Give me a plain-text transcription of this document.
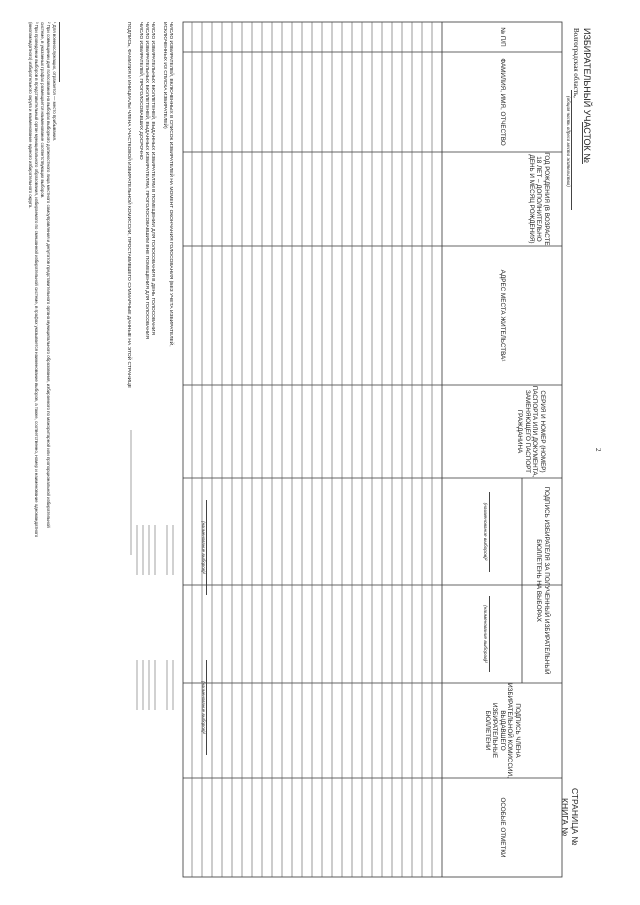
2
ИЗБИРАТЕЛЬНЫЙ УЧАСТОК №
Волгоградская область,
(общая часть адреса места жительства)
СТРАНИЦА №
КНИГА №
№ П/П
ФАМИЛИЯ, ИМЯ, ОТЧЕСТВО
ГОД РОЖДЕНИЯ (В ВОЗРАСТЕ 18 ЛЕТ – ДОПОЛНИТЕЛЬНО ДЕНЬ И МЕСЯЦ РОЖДЕНИЯ)
АДРЕС МЕСТА ЖИТЕЛЬСТВА¹
СЕРИЯ И НОМЕР (НОМЕР) ПАСПОРТА ИЛИ ДОКУМЕНТА, ЗАМЕНЯЮЩЕГО ПАСПОРТ ГРАЖДАНИНА
ПОДПИСЬ ИЗБИРАТЕЛЯ ЗА ПОЛУЧЕННЫЙ ИЗБИРАТЕЛЬНЫЙ БЮЛЛЕТЕНЬ НА ВЫБОРАХ
(наименование выборов)²
(наименование выборов)²
ПОДПИСЬ ЧЛЕНА ИЗБИРАТЕЛЬНОЙ КОМИССИИ, ВЫДАВШЕГО ИЗБИРАТЕЛЬНЫЕ БЮЛЛЕТЕНИ
ОСОБЫЕ ОТМЕТКИ
ЧИСЛО ИЗБИРАТЕЛЕЙ, ВКЛЮЧЕННЫХ В СПИСОК ИЗБИРАТЕЛЕЙ НА МОМЕНТ ОКОНЧАНИЯ ГОЛОСОВАНИЯ (БЕЗ УЧЕТА ИЗБИРАТЕЛЕЙ,
ИСКЛЮЧЕННЫХ ИЗ СПИСКА ИЗБИРАТЕЛЕЙ)
ЧИСЛО ИЗБИРАТЕЛЬНЫХ БЮЛЛЕТЕНЕЙ, ВЫДАННЫХ ИЗБИРАТЕЛЯМ В ПОМЕЩЕНИИ ДЛЯ ГОЛОСОВАНИЯ В ДЕНЬ ГОЛОСОВАНИЯ
ЧИСЛО ИЗБИРАТЕЛЬНЫХ БЮЛЛЕТЕНЕЙ, ВЫДАННЫХ ИЗБИРАТЕЛЯМ, ПРОГОЛОСОВАВШИМ ВНЕ ПОМЕЩЕНИЯ ДЛЯ ГОЛОСОВАНИЯ
ЧИСЛО ИЗБИРАТЕЛЕЙ, ПРОГОЛОСОВАВШИХ ДОСРОЧНО
ПОДПИСЬ, ФАМИЛИЯ И ИНИЦИАЛЫ ЧЛЕНА УЧАСТКОВОЙ ИЗБИРАТЕЛЬНОЙ КОМИССИИ, ПРОСТАВИВШЕГО СУММАРНЫЕ ДАННЫЕ НА ЭТОЙ СТРАНИЦЕ
(наименование выборов)²
(наименование выборов)²
¹ Для военнослужащих, отражается — место прибывания.
² При совмещении дня голосования на выборах выборного должностного лица местного самоуправления и депутатов представительного органа муниципального образования, избираемого по мажоритарной или пропорциональной избирательной
системе, в указанных графах размещается наименование соответствующих выборов.
³ При проведении выборов в представительный орган муниципального образования, избираемого по смешанной избирательной системе, в графах указывается наименование выборов, а также, соответственно, номер и наименование одномандатного
(многомандатного) избирательного округа и наименование единого избирательного округа.
